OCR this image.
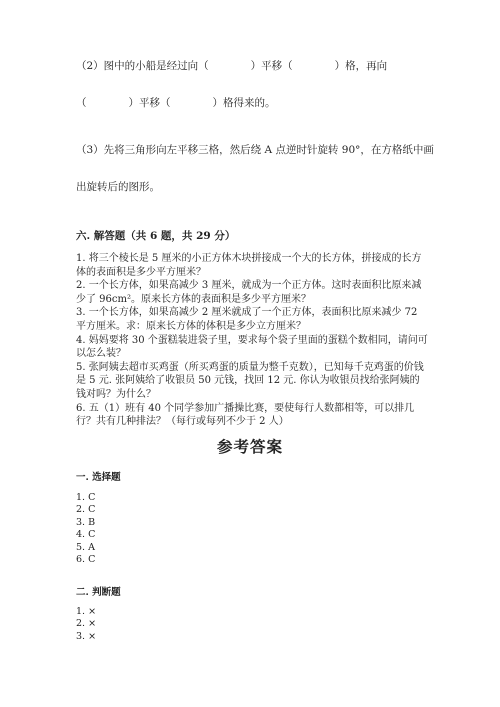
（2）图中的小船是经过向（　　　　）平移（　　　　）格，再向
（　　　　）平移（　　　　）格得来的。
（3）先将三角形向左平移三格，然后绕 A 点逆时针旋转 90°，在方格纸中画
出旋转后的图形。
六. 解答题（共 6 题，共 29 分）

1. 将三个棱长是 5 厘米的小正方体木块拼接成一个大的长方体，拼接成的长方体的表面积是多少平方厘米？

2. 一个长方体，如果高减少 3 厘米，就成为一个正方体。这时表面积比原来减少了 96cm²。原来长方体的表面积是多少平方厘米？

3. 一个长方体，如果高减少 2 厘米就成了一个正方体，表面积比原来减少 72 平方厘米。求：原来长方体的体积是多少立方厘米？

4. 妈妈要将 30 个蛋糕装进袋子里，要求每个袋子里面的蛋糕个数相同，请问可以怎么装？

5. 张阿姨去超市买鸡蛋（所买鸡蛋的质量为整千克数），已知每千克鸡蛋的价钱是 5 元. 张阿姨给了收银员 50 元钱，找回 12 元. 你认为收银员找给张阿姨的钱对吗？为什么？

6. 五（1）班有 40 个同学参加广播操比赛，要使每行人数都相等，可以排几行？共有几种排法？（每行或每列不少于 2 人）

参考答案
一. 选择题
1. C
2. C
3. B
4. C
5. A
6. C
二. 判断题
1. ×
2. ×
3. ×
